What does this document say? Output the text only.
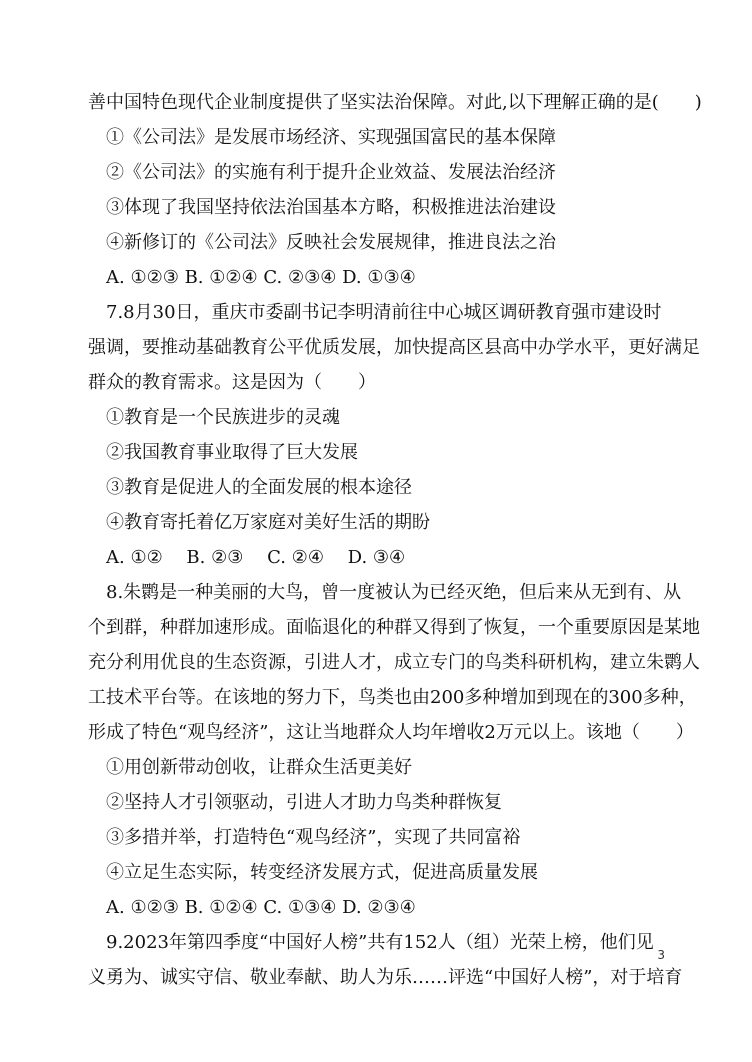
善中国特色现代企业制度提供了坚实法治保障。对此,以下理解正确的是(　　)
①《公司法》是发展市场经济、实现强国富民的基本保障
②《公司法》的实施有利于提升企业效益、发展法治经济
③体现了我国坚持依法治国基本方略，积极推进法治建设
④新修订的《公司法》反映社会发展规律，推进良法之治
A. ①②③ B. ①②④ C. ②③④ D. ①③④
7.8月30日，重庆市委副书记李明清前往中心城区调研教育强市建设时
强调，要推动基础教育公平优质发展，加快提高区县高中办学水平，更好满足
群众的教育需求。这是因为（　　）
①教育是一个民族进步的灵魂
②我国教育事业取得了巨大发展
③教育是促进人的全面发展的根本途径
④教育寄托着亿万家庭对美好生活的期盼
A. ①②　 B. ②③　 C. ②④　 D. ③④
8.朱鹮是一种美丽的大鸟，曾一度被认为已经灭绝，但后来从无到有、从
个到群，种群加速形成。面临退化的种群又得到了恢复，一个重要原因是某地
充分利用优良的生态资源，引进人才，成立专门的鸟类科研机构，建立朱鹮人
工技术平台等。在该地的努力下，鸟类也由200多种增加到现在的300多种，
形成了特色“观鸟经济”，这让当地群众人均年增收2万元以上。该地（　　）
①用创新带动创收，让群众生活更美好
②坚持人才引领驱动，引进人才助力鸟类种群恢复
③多措并举，打造特色“观鸟经济”，实现了共同富裕
④立足生态实际，转变经济发展方式，促进高质量发展
A. ①②③ B. ①②④ C. ①③④ D. ②③④
9.2023年第四季度“中国好人榜”共有152人（组）光荣上榜，他们见
义勇为、诚实守信、敬业奉献、助人为乐……评选“中国好人榜”，对于培育
3
